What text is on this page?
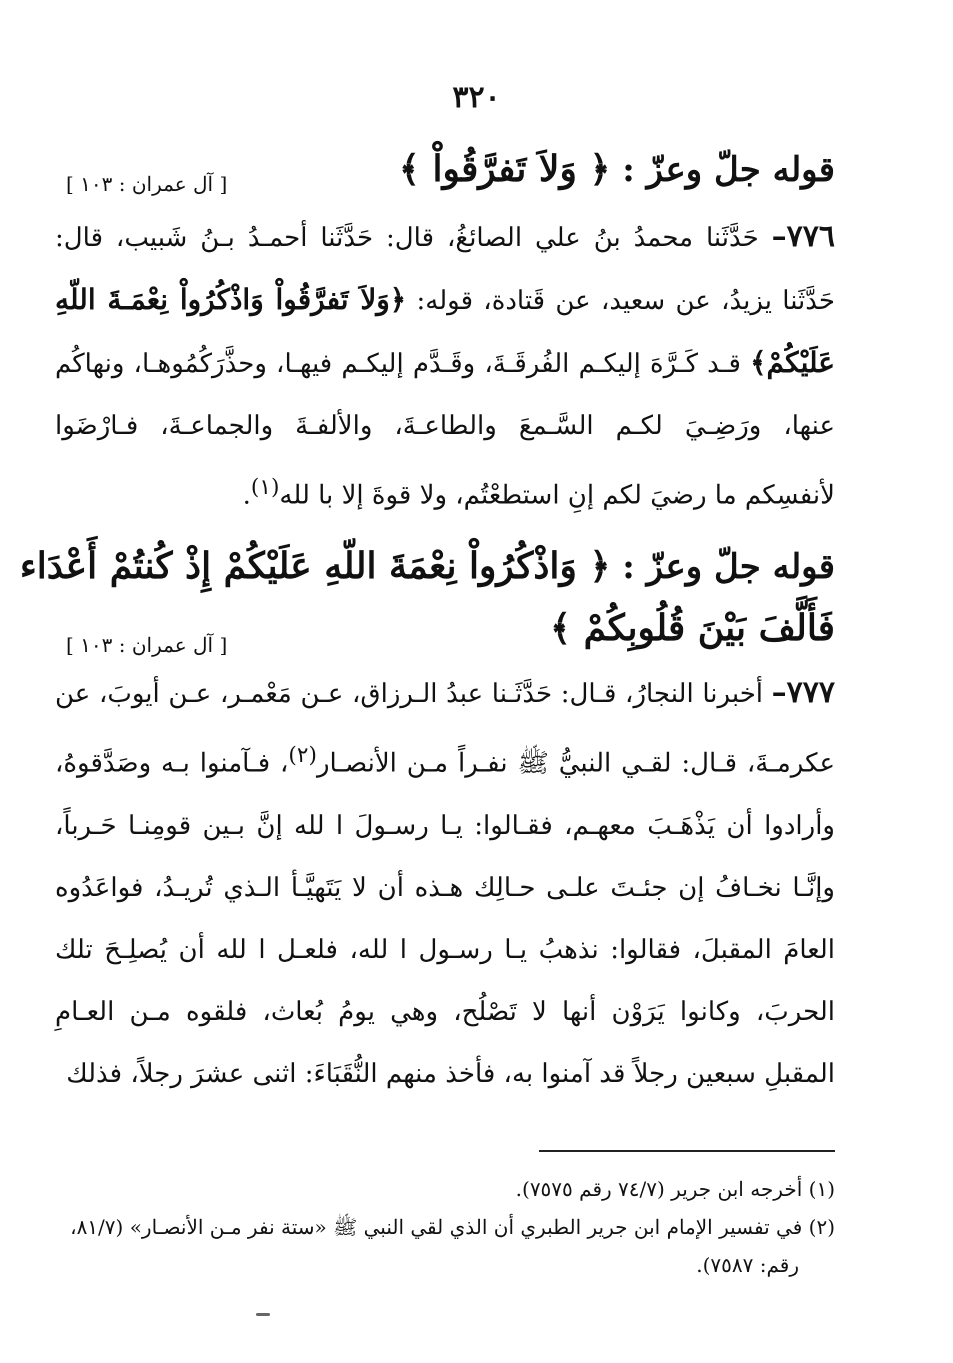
٣٢٠
قوله جلّ وعزّ : ﴿ وَلاَ تَفرَّقُواْ ﴾
[ آل عمران : ١٠٣ ]
٧٧٦– حَدَّثَنا محمدُ بنُ علي الصائغُ، قال: حَدَّثَنا أحمـدُ بـنُ شَبيب، قال: حَدَّثَنا يزيدُ، عن سعيد، عن قَتادة، قوله: ﴿وَلاَ تَفرَّقُواْ وَاذْكُرُواْ نِعْمَـةَ اللّهِ عَلَيْكُمْ﴾ قـد كَـرَّهَ إليكـم الفُرقَـةَ، وقَـدَّم إليكـم فيهـا، وحذَّرَكُمُوهـا، ونهاكُم عنها، ورَضِـيَ لكـم السَّـمعَ والطاعـةَ، والألفـةَ والجماعـةَ، فـارْضَوا لأنفسِكم ما رضيَ لكم إنِ استطعْتُم، ولا قوةَ إلا با لله$^{(١)}$.
قوله جلّ وعزّ : ﴿ وَاذْكُرُواْ نِعْمَةَ اللّهِ عَلَيْكُمْ إِذْ كُنتُمْ أَعْدَاء
فَأَلَّفَ بَيْنَ قُلُوبِكُمْ ﴾
[ آل عمران : ١٠٣ ]
٧٧٧– أخبرنا النجارُ، قـال: حَدَّثَـنا عبدُ الـرزاق، عـن مَعْمـر، عـن أيوبَ، عن عكرمـةَ، قـال: لقـي النبيُّ ﷺ نفـراً مـن الأنصـار$^{(٢)}$، فـآمنوا بـه وصَدَّقوهُ، وأرادوا أن يَذْهَـبَ معهـم، فقـالوا: يـا رسـولَ ا لله إنَّ بـين قومِنـا حَـرباً، وإنَّـا نخـافُ إن جئـتَ علـى حـالِك هـذه أن لا يَتَهيَّـأ الـذي تُريـدُ، فواعَدُوه العامَ المقبلَ، فقالوا: نذهبُ يـا رسـول ا لله، فلعـل ا لله أن يُصلِـحَ تلك الحربَ، وكانوا يَرَوْن أنها لا تَصْلُح، وهي يومُ بُعاث، فلقوه مـن العـامِ المقبلِ سبعين رجلاً قد آمنوا به، فأخذ منهم النُّقَبَاءَ: اثنى عشرَ رجلاً، فذلك

(١) أخرجه ابن جرير (٧٤/٧ رقم ٧٥٧٥).

(٢) في تفسير الإمام ابن جرير الطبري أن الذي لقي النبي ﷺ «ستة نفر مـن الأنصـار» (٨١/٧،

رقم: ٧٥٨٧).
